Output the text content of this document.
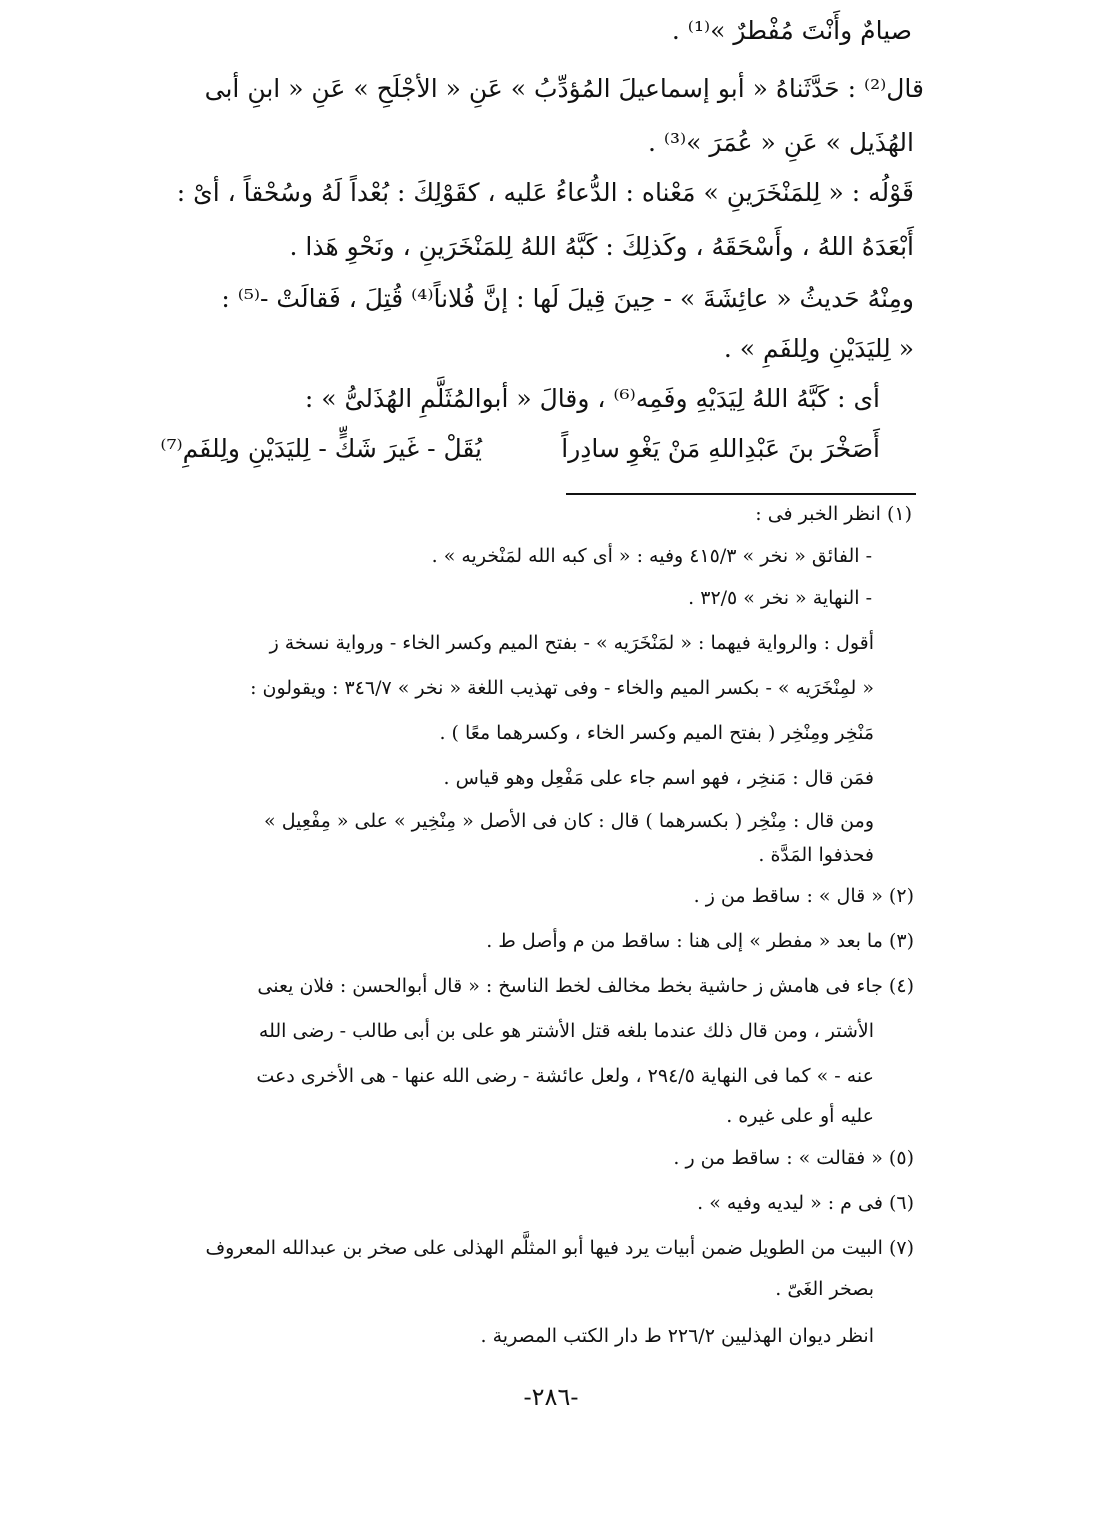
صيامٌ وأَنْتَ مُفْطرٌ »⁽¹⁾ .

قال⁽²⁾ : حَدَّثَناهُ « أبو إسماعيلَ المُؤدِّبُ » عَنِ « الأجْلَحِ » عَنِ « ابنِ أبى

الهُذَيل » عَنِ « عُمَرَ »⁽³⁾ .

قَوْلُه : « لِلمَنْخَرَينِ » مَعْناه : الدُّعاءُ عَليه ، كقَوْلِكَ : بُعْداً لَهُ وسُحْقاً ، أىْ :

أَبْعَدَهُ اللهُ ، وأَسْحَقَهُ ، وكَذلِكَ : كَبَّهُ اللهُ لِلمَنْخَرَينِ ، ونَحْوِ هَذا .

ومِنْهُ حَديثُ « عائِشَةَ » - حِينَ قِيلَ لَها : إنَّ فُلاناً⁽⁴⁾ قُتِلَ ، فَقالَتْ -⁽⁵⁾ :

« لِليَدَيْنِ ولِلفَمِ » .

أى : كَبَّهُ اللهُ لِيَدَيْهِ وفَمِه⁽⁶⁾ ، وقالَ « أبوالمُثَلَّمِ الهُذَلىُّ » :

أَصَخْرَ بنَ عَبْدِاللهِ مَنْ يَغْوِ سادِراً

يُقَلْ - غَيرَ شَكٍّ - لِليَدَيْنِ ولِلفَمِ⁽⁷⁾

(١) انظر الخبر فى :

- الفائق « نخر » ٤١٥/٣ وفيه : « أى كبه الله لمَنْخريه » .

- النهاية « نخر » ٣٢/٥ .

أقول : والرواية فيهما : « لمَنْخَرَيه » - بفتح الميم وكسر الخاء - ورواية نسخة ز

« لمِنْخَرَيه » - بكسر الميم والخاء - وفى تهذيب اللغة « نخر » ٣٤٦/٧ : ويقولون :

مَنْخِر ومِنْخِر ( بفتح الميم وكسر الخاء ، وكسرهما معًا ) .

فمَن قال : مَنخِر ، فهو اسم جاء على مَفْعِل وهو قياس .

ومن قال : مِنْخِر ( بكسرهما ) قال : كان فى الأصل « مِنْخِير » على « مِفْعِيل »

فحذفوا المَدَّة .

(٢) « قال » : ساقط من ز .

(٣) ما بعد « مفطر » إلى هنا : ساقط من م وأصل ط .

(٤) جاء فى هامش ز حاشية بخط مخالف لخط الناسخ : « قال أبوالحسن : فلان يعنى

الأشتر ، ومن قال ذلك عندما بلغه قتل الأشتر هو على بن أبى طالب - رضى الله

عنه - » كما فى النهاية ٢٩٤/٥ ، ولعل عائشة - رضى الله عنها - هى الأخرى دعت

عليه أو على غيره .

(٥) « فقالت » : ساقط من ر .

(٦) فى م : « ليديه وفيه » .

(٧) البيت من الطويل ضمن أبيات يرد فيها أبو المثلَّم الهذلى على صخر بن عبدالله المعروف

بصخر الغَىّ .

انظر ديوان الهذليين ٢٢٦/٢ ط دار الكتب المصرية .

-٢٨٦-
